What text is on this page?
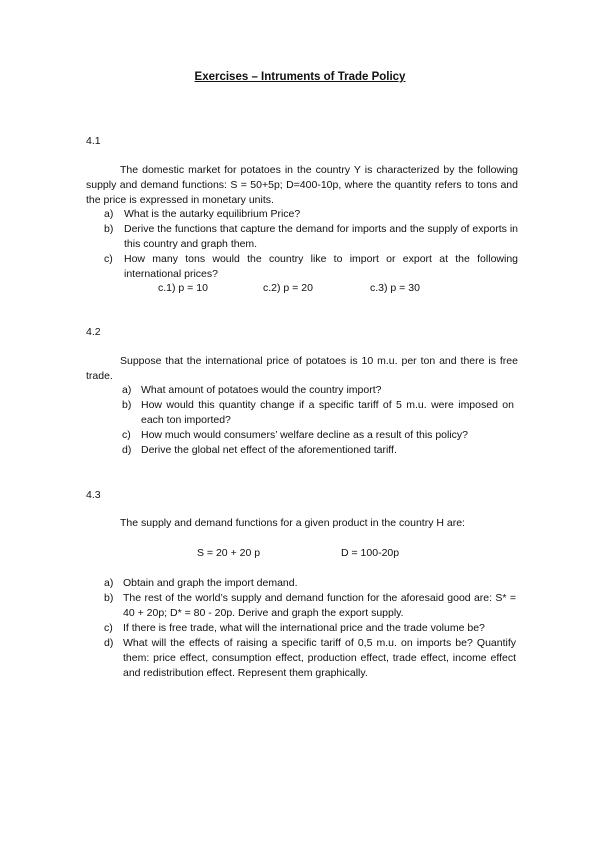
Exercises – Intruments of Trade Policy
4.1
The domestic market for potatoes in the country Y is characterized by the following supply and demand functions: S = 50+5p; D=400-10p, where the quantity refers to tons and the price is expressed in monetary units.
a) What is the autarky equilibrium Price?
b) Derive the functions that capture the demand for imports and the supply of exports in this country and graph them.
c) How many tons would the country like to import or export at the following international prices?
c.1) p = 10	c.2) p = 20	c.3) p = 30
4.2
Suppose that the international price of potatoes is 10 m.u. per ton and there is free trade.
a) What amount of potatoes would the country import?
b) How would this quantity change if a specific tariff of 5 m.u. were imposed on each ton imported?
c) How much would consumers’ welfare decline as a result of this policy?
d) Derive the global net effect of the aforementioned tariff.
4.3
The supply and demand functions for a given product in the country H are:
S = 20 + 20 p	D = 100-20p
a) Obtain and graph the import demand.
b) The rest of the world’s supply and demand function for the aforesaid good are: S* = 40 + 20p; D* = 80 - 20p. Derive and graph the export supply.
c) If there is free trade, what will the international price and the trade volume be?
d) What will the effects of raising a specific tariff of 0,5 m.u. on imports be? Quantify them: price effect, consumption effect, production effect, trade effect, income effect and redistribution effect. Represent them graphically.
